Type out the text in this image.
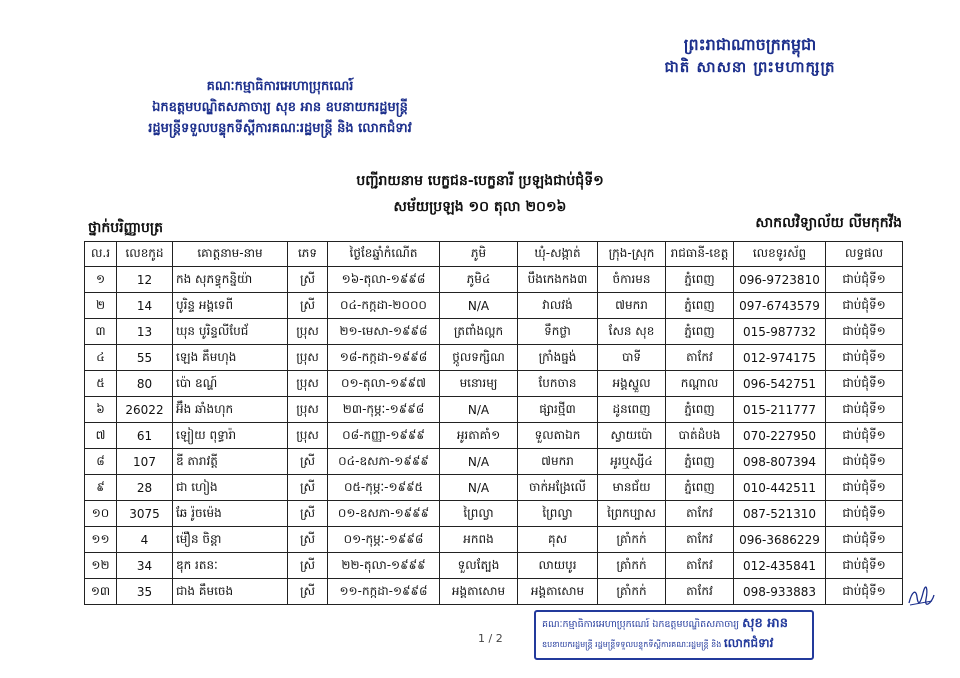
ព្រះរាជាណាចក្រកម្ពុជា
ជាតិ សាសនា ព្រះមហាក្សត្រ
គណៈកម្មាធិការអេហាប្រុកណេរ៍
ឯកឧត្តមបណ្ឌិតសភាចារ្យ សុខ អាន ឧបនាយករដ្ឋមន្ត្រី
រដ្ឋមន្ត្រីទទួលបន្ទុកទីស្តីការគណៈរដ្ឋមន្ត្រី និង លោកជំទាវ
បញ្ជីរាយនាម បេក្ខជន-បេក្ខនារី ប្រឡងជាប់ជុំទី១
សម័យប្រឡង ១០ តុលា ២០១៦
ថ្នាក់បរិញ្ញាបត្រ	សាកលវិទ្យាល័យ លីមកុកវីង
ល.រ	លេខកូដ	គោត្តនាម-នាម	ភេទ	ថ្ងៃខែឆ្នាំកំណើត	ភូមិ	ឃុំ-សង្កាត់	ក្រុង-ស្រុក	រាជធានី-ខេត្ត	លេខទូរស័ព្ទ	លទ្ធផល
១	12	កង សុភទ្ធុកន្និយ៉ា	ស្រី	១៦-តុលា-១៩៩៨	ភូមិ៤	បឹងកេងកង៣	ចំការមន	ភ្នំពេញ	096-9723810	ជាប់ជុំទី១
២	14	បូរិន្ទ អង្គទេពី	ស្រី	០៤-កក្កដា-២០០០	N/A	វាលវង់	៧មករា	ភ្នំពេញ	097-6743579	ជាប់ជុំទី១
៣	13	ឃុន បូរិន្ទលីបែជ័	ប្រុស	២១-មេសា-១៩៩៨	ត្រពាំងល្ពក	ទឹកថ្លា	សែន សុខ	ភ្នំពេញ	015-987732	ជាប់ជុំទី១
៤	55	ឡេង គឹមហុង	ប្រុស	១៨-កក្កដា-១៩៩៨	ថ្កូលទក្សិណ	ក្រាំងធ្នង់	បាទី	តាកែវ	012-974175	ជាប់ជុំទី១
៥	80	ប៉ោ ឧណ្ហ៍	ប្រុស	០១-តុលា-១៩៩៧	មនោរម្យ	បែកចាន	អង្គស្នួល	កណ្ដាល	096-542751	ជាប់ជុំទី១
៦	26022	អ៊ឹង ឆាំងហុក	ប្រុស	២៣-កុម្ភៈ-១៩៩៨	N/A	ផ្សារថ្មី៣	ដូនពេញ	ភ្នំពេញ	015-211777	ជាប់ជុំទី១
៧	61	ឡៀយ ពុទ្ធារ៉ា	ប្រុស	០៨-កញ្ញា-១៩៩៩	អូរតាគាំ១	ទួលតាឯក	ស្វាយប៉ោ	បាត់ដំបង	070-227950	ជាប់ជុំទី១
៨	107	ឌី តារាវត្តី	ស្រី	០៤-ឧសភា-១៩៩៩	N/A	៧មករា	អូរឬស្សី៤	ភ្នំពេញ	098-807394	ជាប់ជុំទី១
៩	28	ជា ហៀង	ស្រី	០៥-កុម្ភៈ-១៩៩៥	N/A	ចាក់អង្រែលើ	មានជ័យ	ភ្នំពេញ	010-442511	ជាប់ជុំទី១
១០	3075	ឆែ រ៉ូចម៉េង	ស្រី	០១-ឧសភា-១៩៩៩	ព្រៃល្វា	ព្រៃល្វា	ព្រៃកប្បាស	តាកែវ	087-521310	ជាប់ជុំទី១
១១	4	ម៉ឿន ចិន្តា	ស្រី	០១-កុម្ភៈ-១៩៩៨	អកពង	គុស	ត្រាំកក់	តាកែវ	096-3686229	ជាប់ជុំទី១
១២	34	ឌុក រតនៈ	ស្រី	២២-តុលា-១៩៩៩	ទួលត្បែង	លាយបូរ	ត្រាំកក់	តាកែវ	012-435841	ជាប់ជុំទី១
១៣	35	ជាង គឹមចេង	ស្រី	១១-កក្កដា-១៩៩៨	អង្គតាសោម	អង្គតាសោម	ត្រាំកក់	តាកែវ	098-933883	ជាប់ជុំទី១
1 / 2
គណៈកម្មាធិការអេហាប្រុកណេរ៍ ឯកឧត្តមបណ្ឌិតសភាចារ្យ សុខ អាន
ឧបនាយករដ្ឋមន្ត្រី រដ្ឋមន្ត្រីទទួលបន្ទុកទីស្តីការគណៈរដ្ឋមន្ត្រី និង លោកជំទាវ
